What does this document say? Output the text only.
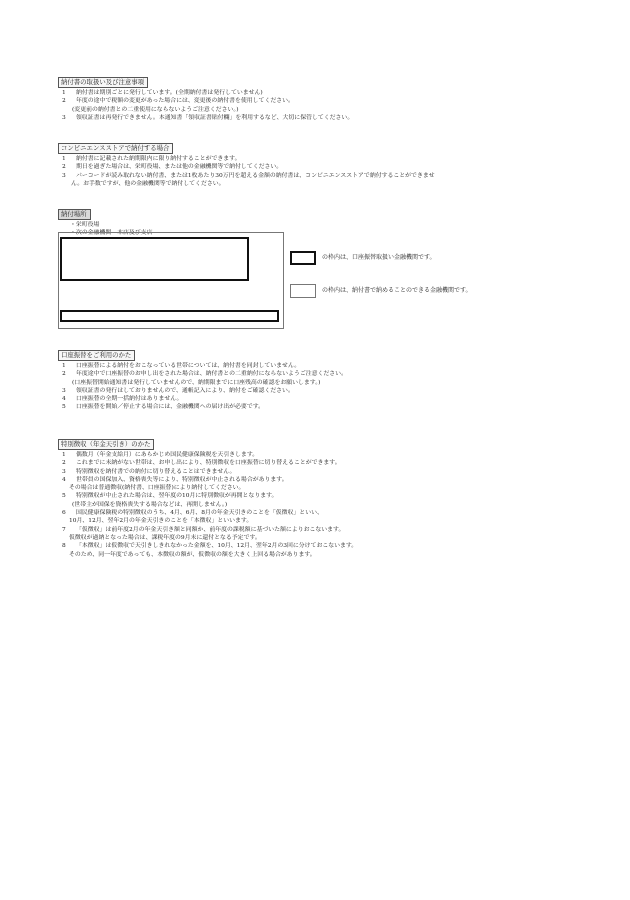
納付書の取扱い及び注意事項
1	納付書は期別ごとに発行しています。(全期納付書は発行していません)
2	年度の途中で税額の変更があった場合には、変更後の納付書を使用してください。
(変更前の納付書との二重使用にならないようご注意ください。)
3	領収証書は再発行できません。本通知書「領収証書貼付欄」を利用するなど、大切に保管してください。
コンビニエンスストアで納付する場合
1	納付書に記載された納期限内に限り納付することができます。
2	期日を過ぎた場合は、栄町役場、または他の金融機関等で納付してください。
3	バーコードが読み取れない納付書、または1枚あたり30万円を超える金額の納付書は、コンビニエンスストアで納付することができませ
ん。お手数ですが、他の金融機関等で納付してください。
納付場所
・栄町役場
・次の金融機関　本店及び支店
の枠内は、口座振替取扱い金融機関です。
の枠内は、納付書で納めることのできる金融機関です。
口座振替をご利用のかた
1	口座振替による納付をおこなっている世帯については、納付書を同封していません。
2	年度途中で口座振替のお申し出をされた場合は、納付書との二重納付にならないようご注意ください。
(口座振替開始通知書は発行していませんので、納期限までに口座残高の確認をお願いします。)
3	領収証書の発行はしておりませんので、通帳記入により、納付をご確認ください。
4	口座振替の全期一括納付はありません。
5	口座振替を開始／停止する場合には、金融機関への届け出が必要です。
特別徴収（年金天引き）のかた
1	偶数月（年金支給月）にあらかじめ国民健康保険税を天引きします。
2	これまでに未納がない世帯は、お申し出により、特別徴収を口座振替に切り替えることができます。
3	特別徴収を納付書での納付に切り替えることはできません。
4	世帯員の国保加入、資格喪失等により、特別徴収が中止される場合があります。
その場合は普通徴収(納付書、口座振替)により納付してください。
5	特別徴収が中止された場合は、翌年度の10月に特別徴収が再開となります。
(世帯主が国保を資格喪失する場合などは、再開しません。)
6	国民健康保険税の特別徴収のうち、4月、6月、8月の年金天引きのことを「仮徴収」といい、
10月、12月、翌年2月の年金天引きのことを「本徴収」といいます。
7	「仮徴収」は前年度2月の年金天引き額と同額か、前年度の課税額に基づいた額によりおこないます。
仮徴収が過納となった場合は、課税年度の9月末に還付となる予定です。
8	「本徴収」は仮徴収で天引きしきれなかった金額を、10月、12月、翌年2月の3回に分けておこないます。
そのため、同一年度であっても、本徴収の額が、仮徴収の額を大きく上回る場合があります。
